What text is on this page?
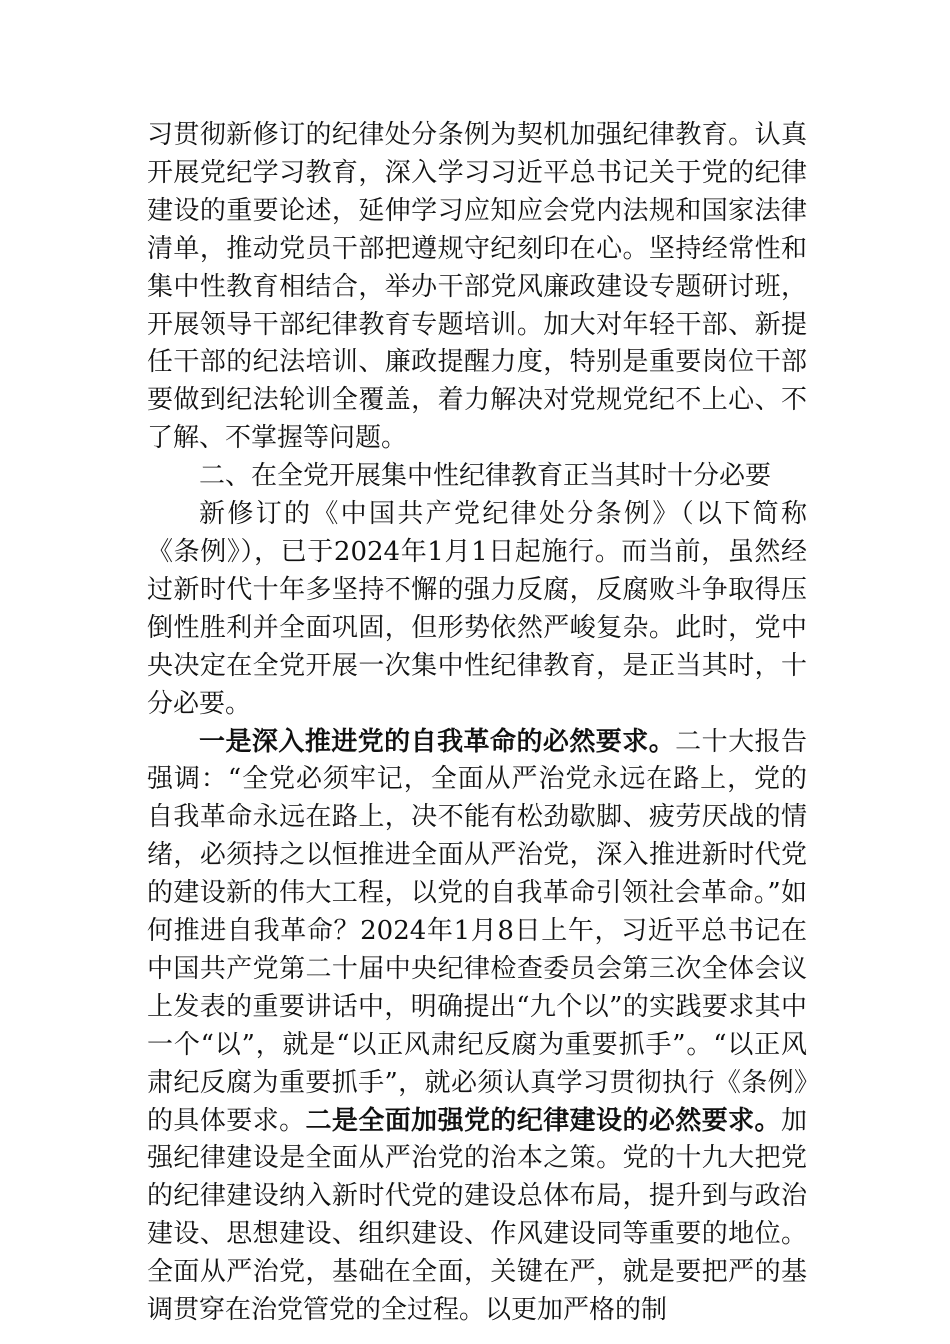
习贯彻新修订的纪律处分条例为契机加强纪律教育。认真开展党纪学习教育，深入学习习近平总书记关于党的纪律建设的重要论述，延伸学习应知应会党内法规和国家法律清单，推动党员干部把遵规守纪刻印在心。坚持经常性和集中性教育相结合，举办干部党风廉政建设专题研讨班，开展领导干部纪律教育专题培训。加大对年轻干部、新提任干部的纪法培训、廉政提醒力度，特别是重要岗位干部要做到纪法轮训全覆盖，着力解决对党规党纪不上心、不了解、不掌握等问题。

二、在全党开展集中性纪律教育正当其时十分必要

新修订的《中国共产党纪律处分条例》（以下简称《条例》），已于2024年1月1日起施行。而当前，虽然经过新时代十年多坚持不懈的强力反腐，反腐败斗争取得压倒性胜利并全面巩固，但形势依然严峻复杂。此时，党中央决定在全党开展一次集中性纪律教育，是正当其时，十分必要。

一是深入推进党的自我革命的必然要求。二十大报告强调：“全党必须牢记，全面从严治党永远在路上，党的自我革命永远在路上，决不能有松劲歇脚、疲劳厌战的情绪，必须持之以恒推进全面从严治党，深入推进新时代党的建设新的伟大工程，以党的自我革命引领社会革命。”如何推进自我革命？2024年1月8日上午，习近平总书记在中国共产党第二十届中央纪律检查委员会第三次全体会议上发表的重要讲话中，明确提出“九个以”的实践要求其中一个“以”，就是“以正风肃纪反腐为重要抓手”。“以正风肃纪反腐为重要抓手”，就必须认真学习贯彻执行《条例》的具体要求。二是全面加强党的纪律建设的必然要求。加强纪律建设是全面从严治党的治本之策。党的十九大把党的纪律建设纳入新时代党的建设总体布局，提升到与政治建设、思想建设、组织建设、作风建设同等重要的地位。全面从严治党，基础在全面，关键在严，就是要把严的基调贯穿在治党管党的全过程。以更加严格的制
